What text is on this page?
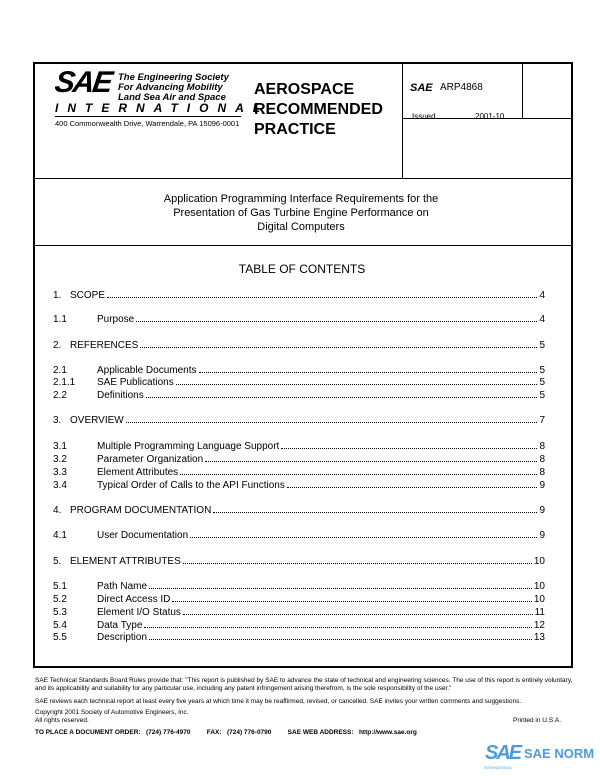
SAE The Engineering Society
For Advancing Mobility
Land Sea Air and Space
INTERNATIONAL
400 Commonwealth Drive, Warrendale, PA 15096-0001
AEROSPACE
RECOMMENDED
PRACTICE
SAE ARP4868
Issued	2001-10
Application Programming Interface Requirements for the
Presentation of Gas Turbine Engine Performance on
Digital Computers
TABLE OF CONTENTS
1. SCOPE	4
1.1	Purpose	4
2. REFERENCES	5
2.1	Applicable Documents	5
2.1.1	SAE Publications	5
2.2	Definitions	5
3. OVERVIEW	7
3.1	Multiple Programming Language Support	8
3.2	Parameter Organization	8
3.3	Element Attributes	8
3.4	Typical Order of Calls to the API Functions	9
4. PROGRAM DOCUMENTATION	9
4.1	User Documentation	9
5. ELEMENT ATTRIBUTES	10
5.1	Path Name	10
5.2	Direct Access ID	10
5.3	Element I/O Status	11
5.4	Data Type	12
5.5	Description	13
SAE Technical Standards Board Rules provide that: "This report is published by SAE to advance the state of technical and engineering sciences. The use of this report is entirely voluntary, and its applicability and suitability for any particular use, including any patent infringement arising therefrom, is the sole responsibility of the user."
SAE reviews each technical report at least every five years at which time it may be reaffirmed, revised, or cancelled. SAE invites your written comments and suggestions.
Copyright 2001 Society of Automotive Engineers, Inc.
All rights reserved.	Printed in U.S.A.
TO PLACE A DOCUMENT ORDER: (724) 776-4970	FAX: (724) 776-0790	SAE WEB ADDRESS: http://www.sae.org
SAE SAE NORM
INTERNATIONAL
